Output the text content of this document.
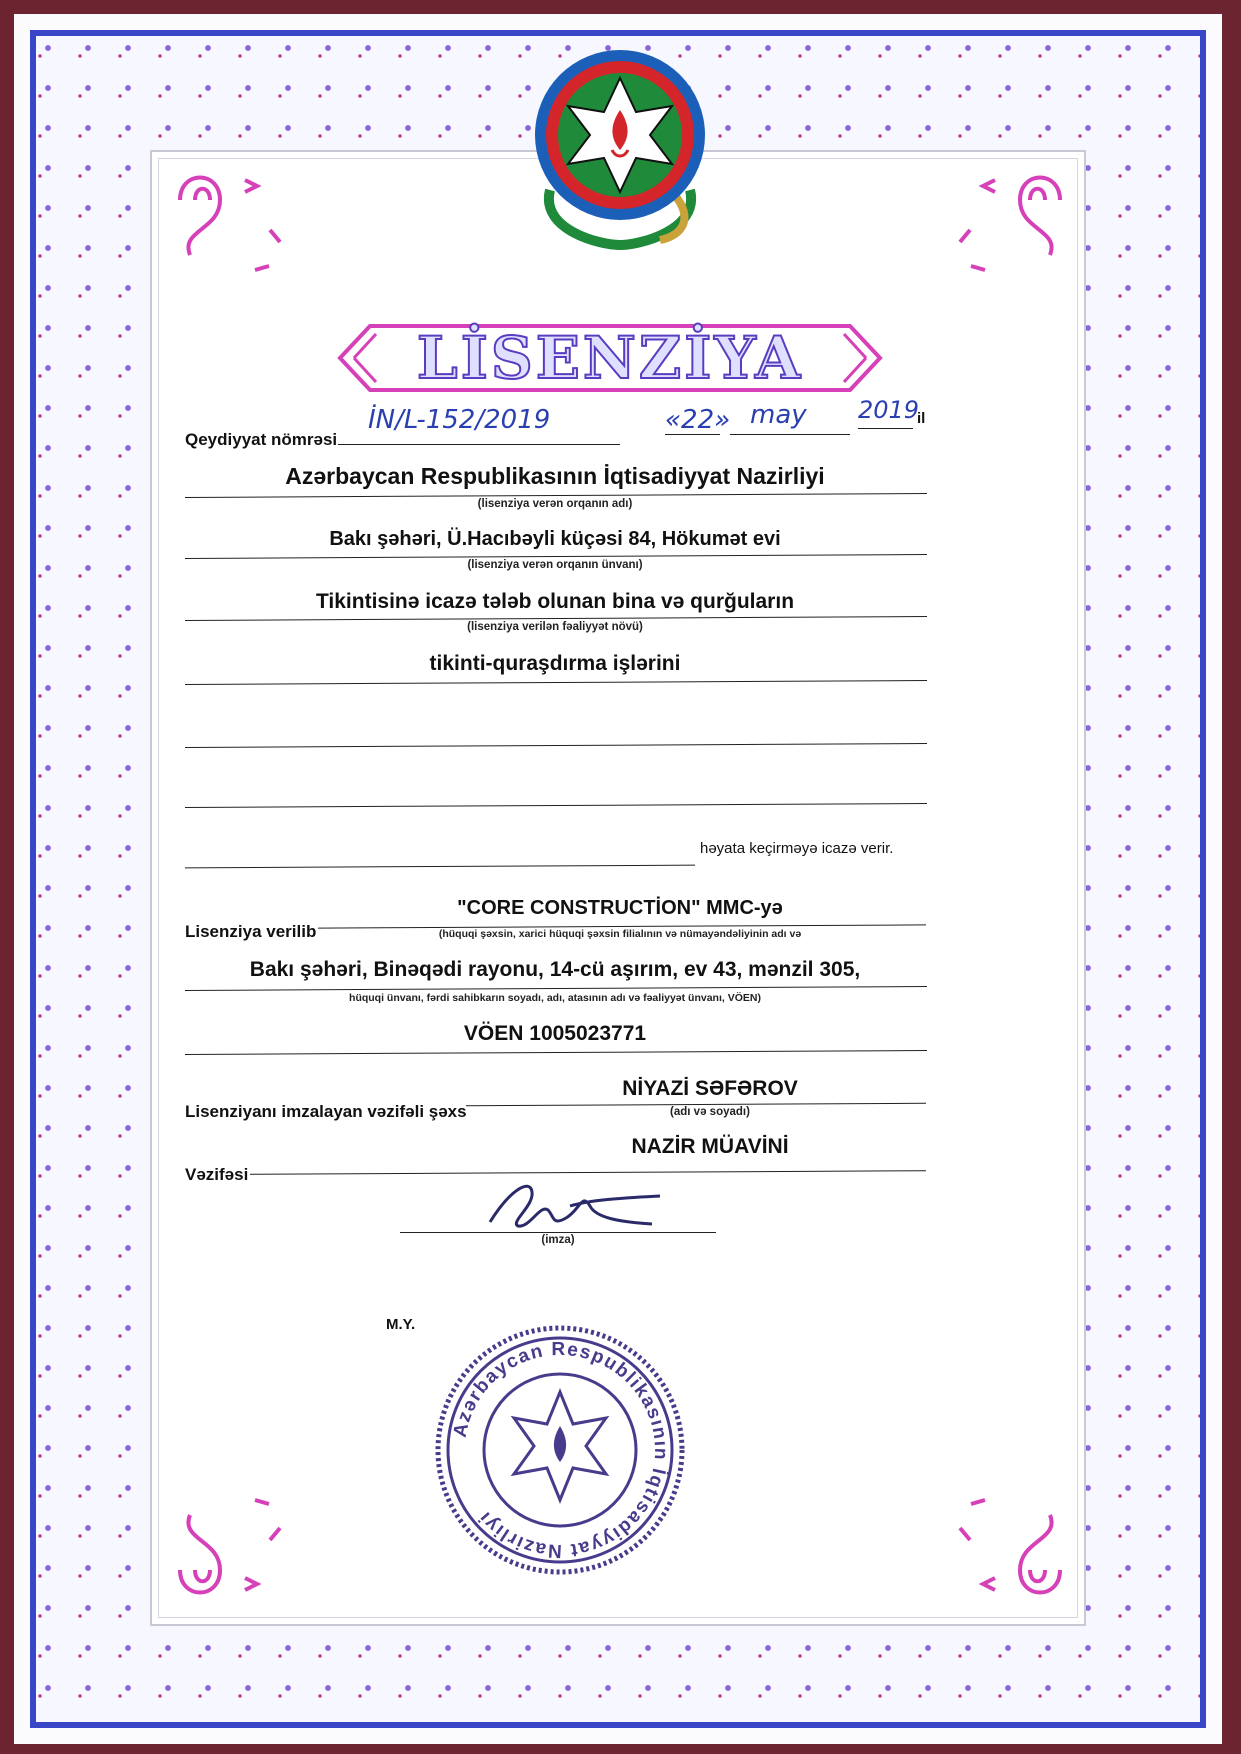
LİSENZİYA
Qeydiyyat nömrəsi
İN/L-152/2019	«22» may 2019
il
Azərbaycan Respublikasının İqtisadiyyat Nazirliyi
(lisenziya verən orqanın adı)
Bakı şəhəri, Ü.Hacıbəyli küçəsi 84, Hökumət evi
(lisenziya verən orqanın ünvanı)
Tikintisinə icazə tələb olunan bina və qurğuların
(lisenziya verilən fəaliyyət növü)
tikinti-quraşdırma işlərini
həyata keçirməyə icazə verir.
Lisenziya verilib
"CORE CONSTRUCTİON" MMC-yə
(hüquqi şəxsin, xarici hüquqi şəxsin filialının və nümayəndəliyinin adı və
Bakı şəhəri, Binəqədi rayonu, 14-cü aşırım, ev 43, mənzil 305,
hüquqi ünvanı, fərdi sahibkarın soyadı, adı, atasının adı və fəaliyyət ünvanı, VÖEN)
VÖEN 1005023771
Lisenziyanı imzalayan vəzifəli şəxs
NİYAZİ SƏFƏROV
(adı və soyadı)
Vəzifəsi
NAZİR MÜAVİNİ
(imza)
M.Y.
Azərbaycan Respublikasının İqtisadiyyat Nazirliyi
